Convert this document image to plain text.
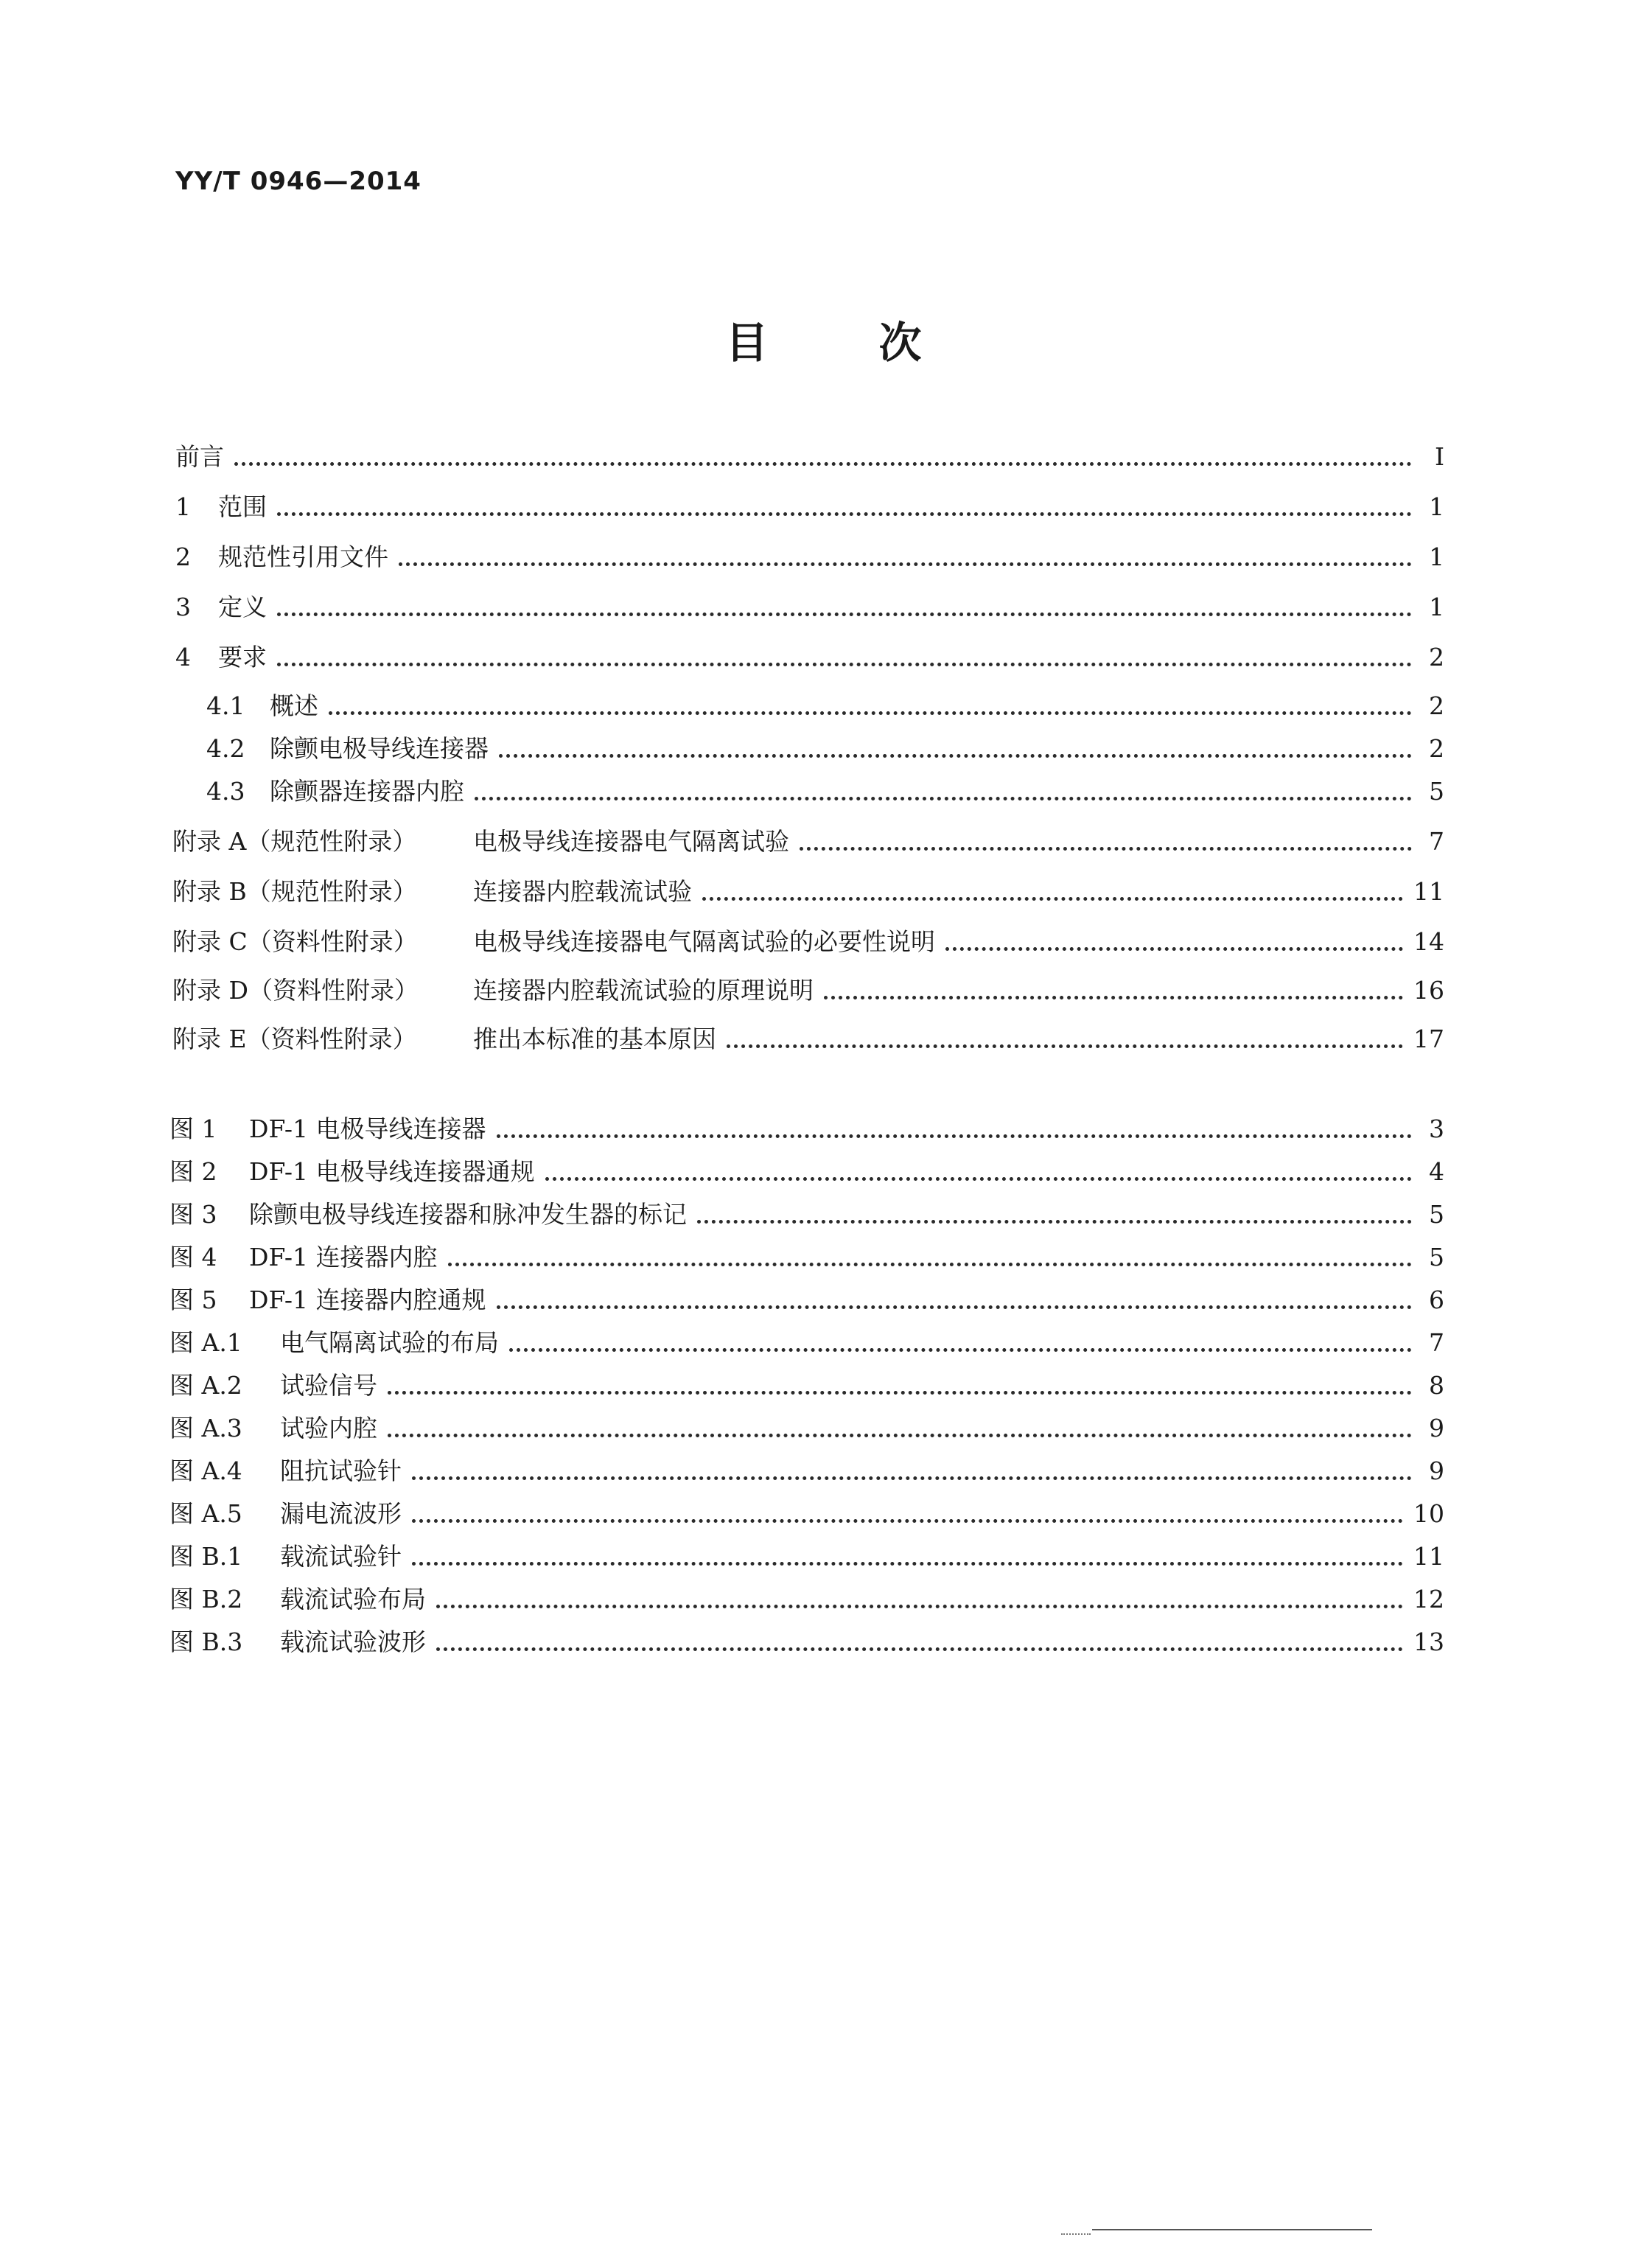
YY/T 0946—2014
目	次
前言	Ⅰ
1	范围	1
2	规范性引用文件	1
3	定义	1
4	要求	2
4.1	概述	2
4.2	除颤电极导线连接器	2
4.3	除颤器连接器内腔	5
附录 A（规范性附录）	电极导线连接器电气隔离试验	7
附录 B（规范性附录）	连接器内腔载流试验	11
附录 C（资料性附录）	电极导线连接器电气隔离试验的必要性说明	14
附录 D（资料性附录）	连接器内腔载流试验的原理说明	16
附录 E（资料性附录）	推出本标准的基本原因	17
图 1	DF-1 电极导线连接器	3
图 2	DF-1 电极导线连接器通规	4
图 3	除颤电极导线连接器和脉冲发生器的标记	5
图 4	DF-1 连接器内腔	5
图 5	DF-1 连接器内腔通规	6
图 A.1	电气隔离试验的布局	7
图 A.2	试验信号	8
图 A.3	试验内腔	9
图 A.4	阻抗试验针	9
图 A.5	漏电流波形	10
图 B.1	载流试验针	11
图 B.2	载流试验布局	12
图 B.3	载流试验波形	13
